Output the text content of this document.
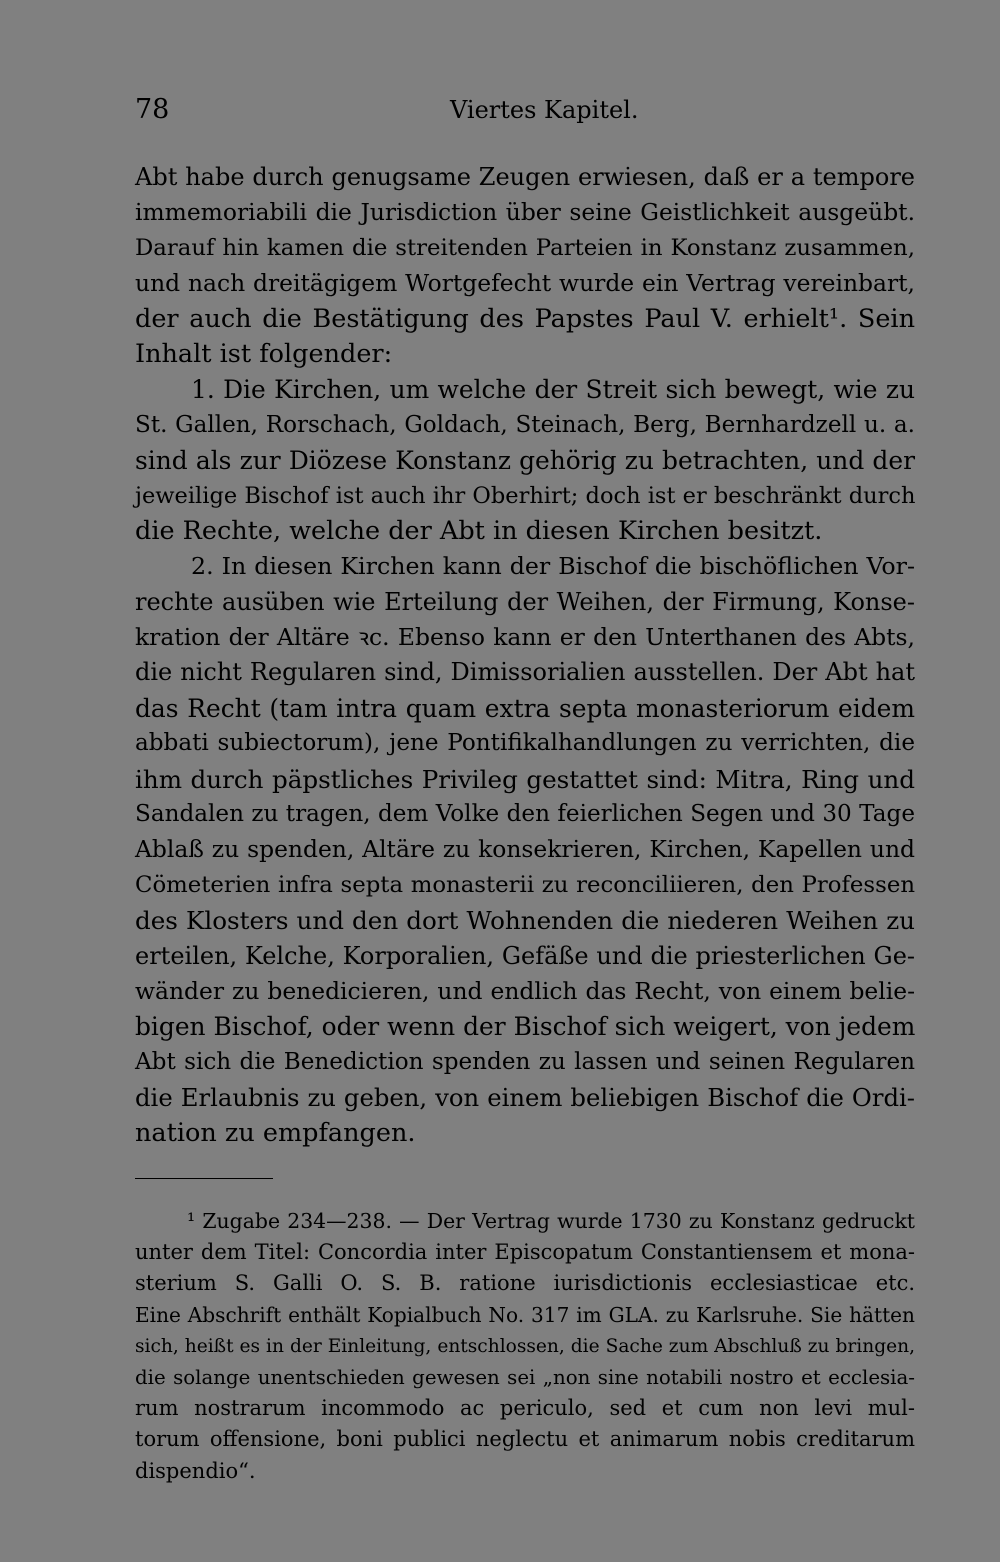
78	Viertes Kapitel.
Abt habe durch genugsame Zeugen erwiesen, daß er a tempore
immemoriabili die Jurisdiction über seine Geistlichkeit ausgeübt.
Darauf hin kamen die streitenden Parteien in Konstanz zusammen,
und nach dreitägigem Wortgefecht wurde ein Vertrag vereinbart,
der auch die Bestätigung des Papstes Paul V. erhielt¹. Sein
Inhalt ist folgender:
1. Die Kirchen, um welche der Streit sich bewegt, wie zu
St. Gallen, Rorschach, Goldach, Steinach, Berg, Bernhardzell u. a.
sind als zur Diözese Konstanz gehörig zu betrachten, und der
jeweilige Bischof ist auch ihr Oberhirt; doch ist er beschränkt durch
die Rechte, welche der Abt in diesen Kirchen besitzt.
2. In diesen Kirchen kann der Bischof die bischöflichen Vor-
rechte ausüben wie Erteilung der Weihen, der Firmung, Konse-
kration der Altäre ꝛc. Ebenso kann er den Unterthanen des Abts,
die nicht Regularen sind, Dimissorialien ausstellen. Der Abt hat
das Recht (tam intra quam extra septa monasteriorum eidem
abbati subiectorum), jene Pontifikalhandlungen zu verrichten, die
ihm durch päpstliches Privileg gestattet sind: Mitra, Ring und
Sandalen zu tragen, dem Volke den feierlichen Segen und 30 Tage
Ablaß zu spenden, Altäre zu konsekrieren, Kirchen, Kapellen und
Cömeterien infra septa monasterii zu reconciliieren, den Professen
des Klosters und den dort Wohnenden die niederen Weihen zu
erteilen, Kelche, Korporalien, Gefäße und die priesterlichen Ge-
wänder zu benedicieren, und endlich das Recht, von einem belie-
bigen Bischof, oder wenn der Bischof sich weigert, von jedem
Abt sich die Benediction spenden zu lassen und seinen Regularen
die Erlaubnis zu geben, von einem beliebigen Bischof die Ordi-
nation zu empfangen.
¹ Zugabe 234—238. — Der Vertrag wurde 1730 zu Konstanz gedruckt
unter dem Titel: Concordia inter Episcopatum Constantiensem et mona-
sterium S. Galli O. S. B. ratione iurisdictionis ecclesiasticae etc.
Eine Abschrift enthält Kopialbuch No. 317 im GLA. zu Karlsruhe. Sie hätten
sich, heißt es in der Einleitung, entschlossen, die Sache zum Abschluß zu bringen,
die solange unentschieden gewesen sei „non sine notabili nostro et ecclesia-
rum nostrarum incommodo ac periculo, sed et cum non levi mul-
torum offensione, boni publici neglectu et animarum nobis creditarum
dispendio“.
